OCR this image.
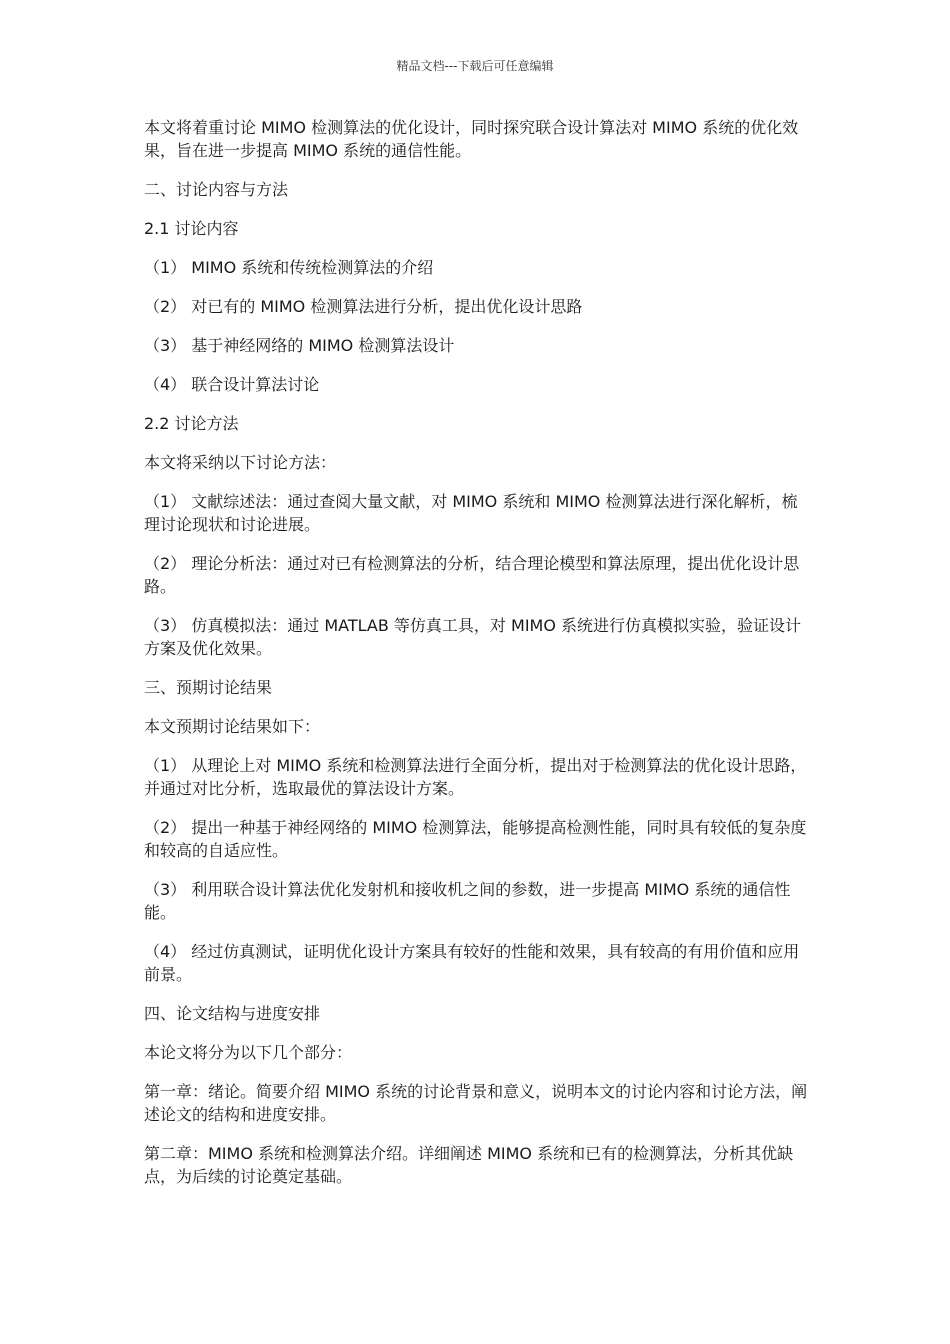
精品文档---下载后可任意编辑

本文将着重讨论 MIMO 检测算法的优化设计，同时探究联合设计算法对 MIMO 系统的优化效果，旨在进一步提高 MIMO 系统的通信性能。

二、讨论内容与方法

2.1 讨论内容

（1） MIMO 系统和传统检测算法的介绍

（2） 对已有的 MIMO 检测算法进行分析，提出优化设计思路

（3） 基于神经网络的 MIMO 检测算法设计

（4） 联合设计算法讨论

2.2 讨论方法

本文将采纳以下讨论方法：

（1） 文献综述法：通过查阅大量文献，对 MIMO 系统和 MIMO 检测算法进行深化解析，梳理讨论现状和讨论进展。

（2） 理论分析法：通过对已有检测算法的分析，结合理论模型和算法原理，提出优化设计思路。

（3） 仿真模拟法：通过 MATLAB 等仿真工具，对 MIMO 系统进行仿真模拟实验，验证设计方案及优化效果。

三、预期讨论结果

本文预期讨论结果如下：

（1） 从理论上对 MIMO 系统和检测算法进行全面分析，提出对于检测算法的优化设计思路，并通过对比分析，选取最优的算法设计方案。

（2） 提出一种基于神经网络的 MIMO 检测算法，能够提高检测性能，同时具有较低的复杂度和较高的自适应性。

（3） 利用联合设计算法优化发射机和接收机之间的参数，进一步提高 MIMO 系统的通信性能。

（4） 经过仿真测试，证明优化设计方案具有较好的性能和效果，具有较高的有用价值和应用前景。

四、论文结构与进度安排

本论文将分为以下几个部分：

第一章：绪论。简要介绍 MIMO 系统的讨论背景和意义，说明本文的讨论内容和讨论方法，阐述论文的结构和进度安排。

第二章：MIMO 系统和检测算法介绍。详细阐述 MIMO 系统和已有的检测算法，分析其优缺点，为后续的讨论奠定基础。
